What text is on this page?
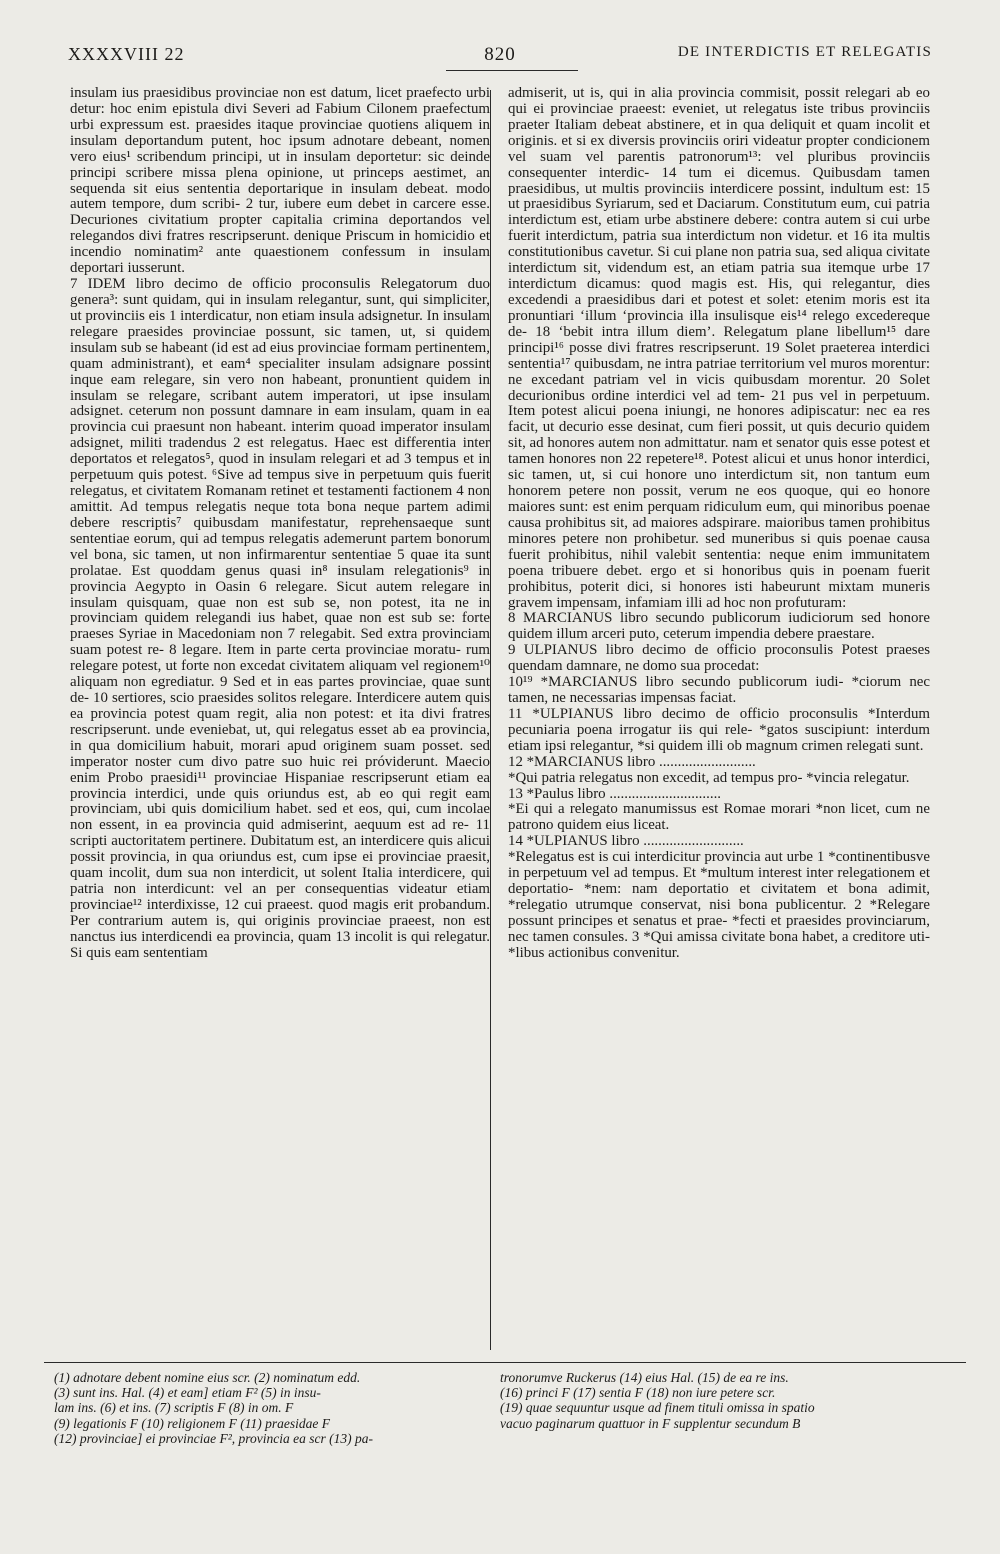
XXXXVIII 22	820	DE INTERDICTIS ET RELEGATIS

insulam ius praesidibus provinciae non est datum, licet praefecto urbi detur: hoc enim epistula divi Severi ad Fabium Cilonem praefectum urbi expressum est. praesides itaque provinciae quotiens aliquem in insulam deportandum putent, hoc ipsum adnotare debeant, nomen vero eius¹ scribendum principi, ut in insulam deportetur: sic deinde principi scribere missa plena opinione, ut princeps aestimet, an sequenda sit eius sententia deportarique in insulam debeat. modo autem tempore, dum scribi- 2 tur, iubere eum debet in carcere esse. Decuriones civitatium propter capitalia crimina deportandos vel relegandos divi fratres rescripserunt. denique Priscum in homicidio et incendio nominatim² ante quaestionem confessum in insulam deportari iusserunt.

7 IDEM libro decimo de officio proconsulis Relegatorum duo genera³: sunt quidam, qui in insulam relegantur, sunt, qui simpliciter, ut provinciis eis 1 interdicatur, non etiam insula adsignetur. In insulam relegare praesides provinciae possunt, sic tamen, ut, si quidem insulam sub se habeant (id est ad eius provinciae formam pertinentem, quam administrant), et eam⁴ specialiter insulam adsignare possint inque eam relegare, sin vero non habeant, pronuntient quidem in insulam se relegare, scribant autem imperatori, ut ipse insulam adsignet. ceterum non possunt damnare in eam insulam, quam in ea provincia cui praesunt non habeant. interim quoad imperator insulam adsignet, militi tradendus 2 est relegatus. Haec est differentia inter deportatos et relegatos⁵, quod in insulam relegari et ad 3 tempus et in perpetuum quis potest. ⁶Sive ad tempus sive in perpetuum quis fuerit relegatus, et civitatem Romanam retinet et testamenti factionem 4 non amittit. Ad tempus relegatis neque tota bona neque partem adimi debere rescriptis⁷ quibusdam manifestatur, reprehensaeque sunt sententiae eorum, qui ad tempus relegatis ademerunt partem bonorum vel bona, sic tamen, ut non infirmarentur sententiae 5 quae ita sunt prolatae. Est quoddam genus quasi in⁸ insulam relegationis⁹ in provincia Aegypto in Oasin 6 relegare. Sicut autem relegare in insulam quisquam, quae non est sub se, non potest, ita ne in provinciam quidem relegandi ius habet, quae non est sub se: forte praeses Syriae in Macedoniam non 7 relegabit. Sed extra provinciam suam potest re- 8 legare. Item in parte certa provinciae moratu- rum relegare potest, ut forte non excedat civitatem aliquam vel regionem¹⁰ aliquam non egrediatur. 9 Sed et in eas partes provinciae, quae sunt de- 10 sertiores, scio praesides solitos relegare. Interdicere autem quis ea provincia potest quam regit, alia non potest: et ita divi fratres rescripserunt. unde eveniebat, ut, qui relegatus esset ab ea provincia, in qua domicilium habuit, morari apud originem suam posset. sed imperator noster cum divo patre suo huic rei próviderunt. Maecio enim Probo praesidi¹¹ provinciae Hispaniae rescripserunt etiam ea provincia interdici, unde quis oriundus est, ab eo qui regit eam provinciam, ubi quis domicilium habet. sed et eos, qui, cum incolae non essent, in ea provincia quid admiserint, aequum est ad re- 11 scripti auctoritatem pertinere. Dubitatum est, an interdicere quis alicui possit provincia, in qua oriundus est, cum ipse ei provinciae praesit, quam incolit, dum sua non interdicit, ut solent Italia interdicere, qui patria non interdicunt: vel an per consequentias videatur etiam provinciae¹² interdixisse, 12 cui praeest. quod magis erit probandum. Per contrarium autem is, qui originis provinciae praeest, non est nanctus ius interdicendi ea provincia, quam 13 incolit is qui relegatur. Si quis eam sententiam

admiserit, ut is, qui in alia provincia commisit, possit relegari ab eo qui ei provinciae praeest: eveniet, ut relegatus iste tribus provinciis praeter Italiam debeat abstinere, et in qua deliquit et quam incolit et originis. et si ex diversis provinciis oriri videatur propter condicionem vel suam vel parentis patronorum¹³: vel pluribus provinciis consequenter interdic- 14 tum ei dicemus. Quibusdam tamen praesidibus, ut multis provinciis interdicere possint, indultum est: 15 ut praesidibus Syriarum, sed et Daciarum. Constitutum eum, cui patria interdictum est, etiam urbe abstinere debere: contra autem si cui urbe fuerit interdictum, patria sua interdictum non videtur. et 16 ita multis constitutionibus cavetur. Si cui plane non patria sua, sed aliqua civitate interdictum sit, videndum est, an etiam patria sua itemque urbe 17 interdictum dicamus: quod magis est. His, qui relegantur, dies excedendi a praesidibus dari et potest et solet: etenim moris est ita pronuntiari ‘illum ‘provincia illa insulisque eis¹⁴ relego excedereque de- 18 ‘bebit intra illum diem’. Relegatum plane libellum¹⁵ dare principi¹⁶ posse divi fratres rescripserunt. 19 Solet praeterea interdici sententia¹⁷ quibusdam, ne intra patriae territorium vel muros morentur: ne excedant patriam vel in vicis quibusdam morentur. 20 Solet decurionibus ordine interdici vel ad tem- 21 pus vel in perpetuum. Item potest alicui poena iniungi, ne honores adipiscatur: nec ea res facit, ut decurio esse desinat, cum fieri possit, ut quis decurio quidem sit, ad honores autem non admittatur. nam et senator quis esse potest et tamen honores non 22 repetere¹⁸. Potest alicui et unus honor interdici, sic tamen, ut, si cui honore uno interdictum sit, non tantum eum honorem petere non possit, verum ne eos quoque, qui eo honore maiores sunt: est enim perquam ridiculum eum, qui minoribus poenae causa prohibitus sit, ad maiores adspirare. maioribus tamen prohibitus minores petere non prohibetur. sed muneribus si quis poenae causa fuerit prohibitus, nihil valebit sententia: neque enim immunitatem poena tribuere debet. ergo et si honoribus quis in poenam fuerit prohibitus, poterit dici, si honores isti habeurunt mixtam muneris gravem impensam, infamiam illi ad hoc non profuturam:

8 MARCIANUS libro secundo publicorum iudiciorum sed honore quidem illum arceri puto, ceterum impendia debere praestare.

9 ULPIANUS libro decimo de officio proconsulis Potest praeses quendam damnare, ne domo sua procedat:

10¹⁹ *MARCIANUS libro secundo publicorum iudi- *ciorum nec tamen, ne necessarias impensas faciat.

11 *ULPIANUS libro decimo de officio proconsulis *Interdum pecuniaria poena irrogatur iis qui rele- *gatos suscipiunt: interdum etiam ipsi relegantur, *si quidem illi ob magnum crimen relegati sunt.

12 *MARCIANUS libro ..........................

*Qui patria relegatus non excedit, ad tempus pro- *vincia relegatur.

13 *Paulus libro ..............................

*Ei qui a relegato manumissus est Romae morari *non licet, cum ne patrono quidem eius liceat.

14 *ULPIANUS libro ...........................

*Relegatus est is cui interdicitur provincia aut urbe 1 *continentibusve in perpetuum vel ad tempus. Et *multum interest inter relegationem et deportatio- *nem: nam deportatio et civitatem et bona adimit, *relegatio utrumque conservat, nisi bona publicentur. 2 *Relegare possunt principes et senatus et prae- *fecti et praesides provinciarum, nec tamen consules. 3 *Qui amissa civitate bona habet, a creditore uti- *libus actionibus convenitur.

(1) adnotare debent nomine eius scr. (2) nominatum edd.
(3) sunt ins. Hal. (4) et eam] etiam F² (5) in insu-
lam ins. (6) et ins. (7) scriptis F (8) in om. F
(9) legationis F (10) religionem F (11) praesidae F
(12) provinciae] ei provinciae F², provincia ea scr (13) pa-
tronorumve Ruckerus (14) eius Hal. (15) de ea re ins.
(16) princi F (17) sentia F (18) non iure petere scr.
(19) quae sequuntur usque ad finem tituli omissa in spatio
vacuo paginarum quattuor in F supplentur secundum B
